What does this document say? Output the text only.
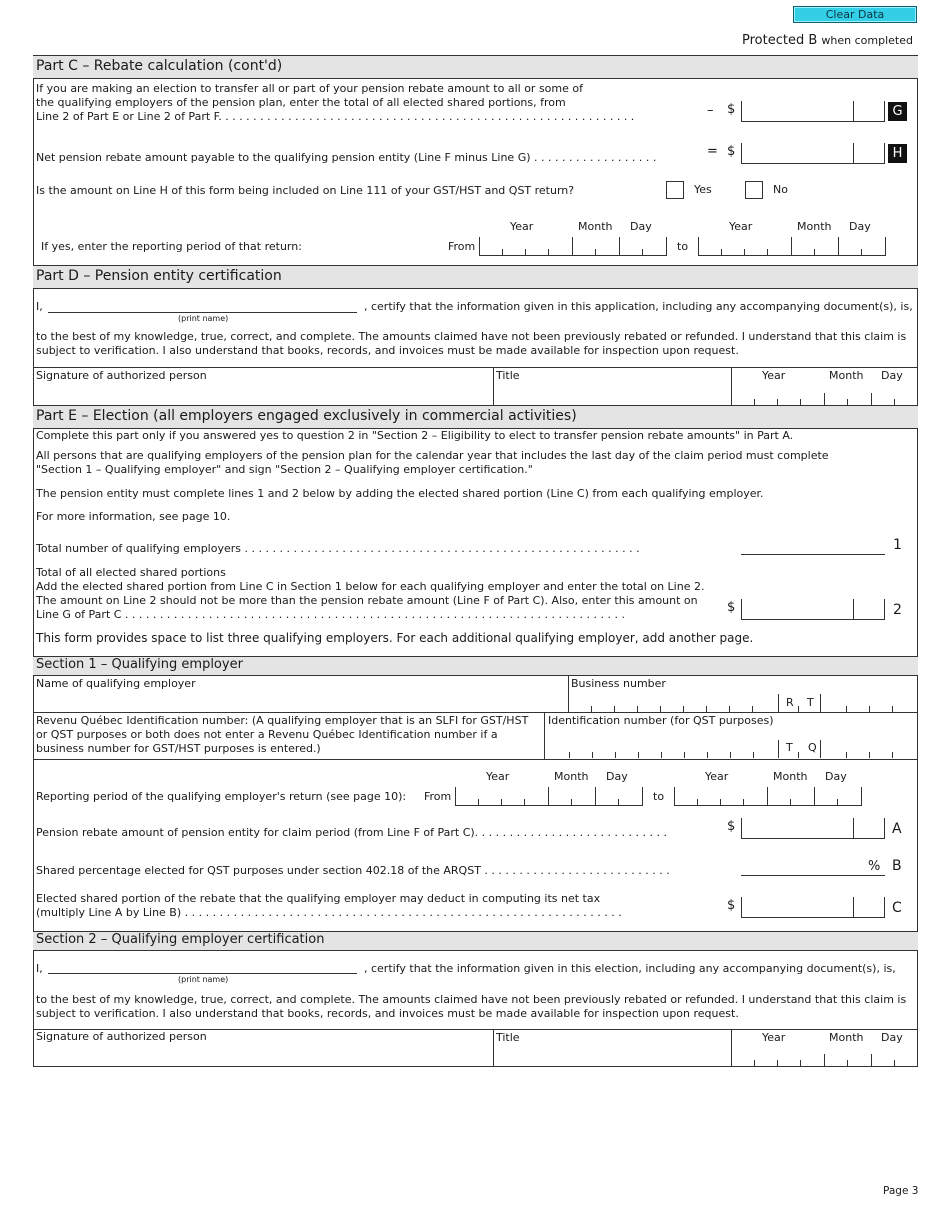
Clear Data
Protected B when completed
Part C – Rebate calculation (cont'd)
If you are making an election to transfer all or part of your pension rebate amount to all or some of
the qualifying employers of the pension plan, enter the total of all elected shared portions, from
Line 2 of Part E or Line 2 of Part F. . . . . . . . . . . . . . . . . . . . . . . . . . . . . . . . . . . . . . . . . . . . . . . . . . . . . . . . . . . .	– $	G
Net pension rebate amount payable to the qualifying pension entity (Line F minus Line G) . . . . . . . . . . . . . . . . . .	= $	H
Is the amount on Line H of this form being included on Line 111 of your GST/HST and QST return?	Yes	No
Year	Month Day	Year	Month Day
If yes, enter the reporting period of that return:	From	to
Part D – Pension entity certification
I,
(print name)
, certify that the information given in this application, including any accompanying document(s), is,
to the best of my knowledge, true, correct, and complete. The amounts claimed have not been previously rebated or refunded. I understand that this claim is
subject to verification. I also understand that books, records, and invoices must be made available for inspection upon request.
Signature of authorized person	Title	Year	Month Day
Part E – Election (all employers engaged exclusively in commercial activities)
Complete this part only if you answered yes to question 2 in "Section 2 – Eligibility to elect to transfer pension rebate amounts" in Part A.
All persons that are qualifying employers of the pension plan for the calendar year that includes the last day of the claim period must complete
"Section 1 – Qualifying employer" and sign "Section 2 – Qualifying employer certification."
The pension entity must complete lines 1 and 2 below by adding the elected shared portion (Line C) from each qualifying employer.
For more information, see page 10.
Total number of qualifying employers . . . . . . . . . . . . . . . . . . . . . . . . . . . . . . . . . . . . . . . . . . . . . . . . . . . . . . . . .	1
Total of all elected shared portions
Add the elected shared portion from Line C in Section 1 below for each qualifying employer and enter the total on Line 2.
The amount on Line 2 should not be more than the pension rebate amount (Line F of Part C). Also, enter this amount on
Line G of Part C . . . . . . . . . . . . . . . . . . . . . . . . . . . . . . . . . . . . . . . . . . . . . . . . . . . . . . . . . . . . . . . . . . . . . . . .	$	2
This form provides space to list three qualifying employers. For each additional qualifying employer, add another page.
Section 1 – Qualifying employer
Name of qualifying employer	Business number
R T
Revenu Québec Identification number: (A qualifying employer that is an SLFI for GST/HST or QST purposes or both does not enter a Revenu Québec Identification number if a business number for GST/HST purposes is entered.)
Identification number (for QST purposes)
T Q
Year	Month Day	Year	Month Day
Reporting period of the qualifying employer's return (see page 10): From	to
Pension rebate amount of pension entity for claim period (from Line F of Part C). . . . . . . . . . . . . . . . . . . . . . . . . . . .	$	A
Shared percentage elected for QST purposes under section 402.18 of the ARQST . . . . . . . . . . . . . . . . . . . . . . . . . . .	% B
Elected shared portion of the rebate that the qualifying employer may deduct in computing its net tax
(multiply Line A by Line B) . . . . . . . . . . . . . . . . . . . . . . . . . . . . . . . . . . . . . . . . . . . . . . . . . . . . . . . . . . . . . . .	$	C
Section 2 – Qualifying employer certification
I,
(print name)
, certify that the information given in this election, including any accompanying document(s), is,
to the best of my knowledge, true, correct, and complete. The amounts claimed have not been previously rebated or refunded. I understand that this claim is
subject to verification. I also understand that books, records, and invoices must be made available for inspection upon request.
Signature of authorized person	Title	Year	Month Day
Page 3
